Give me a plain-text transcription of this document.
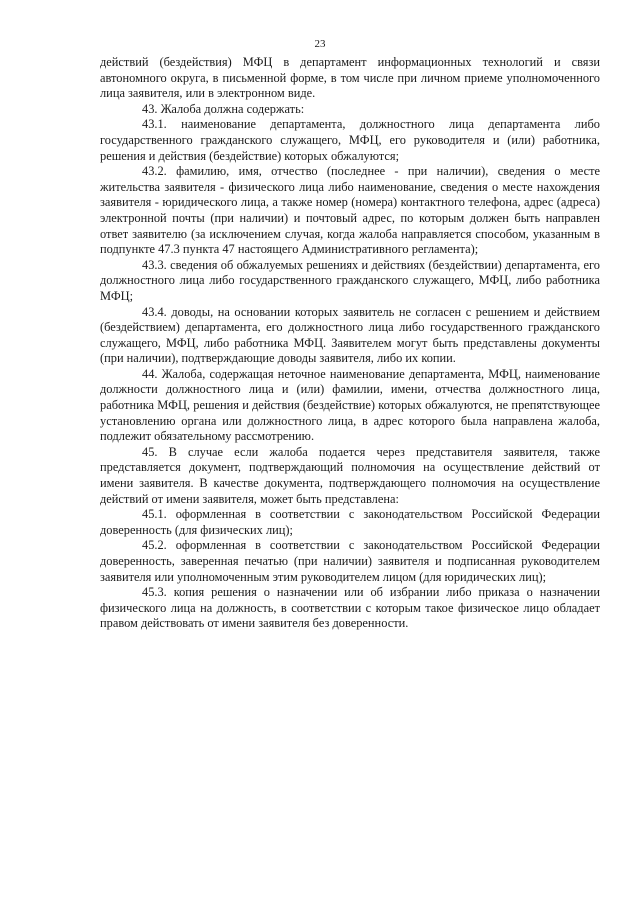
23

действий (бездействия) МФЦ в департамент информационных технологий и связи автономного округа, в письменной форме, в том числе при личном приеме уполномоченного лица заявителя, или в электронном виде.

43. Жалоба должна содержать:

43.1. наименование департамента, должностного лица департамента либо государственного гражданского служащего, МФЦ, его руководителя и (или) работника, решения и действия (бездействие) которых обжалуются;

43.2. фамилию, имя, отчество (последнее - при наличии), сведения о месте жительства заявителя - физического лица либо наименование, сведения о месте нахождения заявителя - юридического лица, а также номер (номера) контактного телефона, адрес (адреса) электронной почты (при наличии) и почтовый адрес, по которым должен быть направлен ответ заявителю (за исключением случая, когда жалоба направляется способом, указанным в подпункте 47.3 пункта 47 настоящего Административного регламента);

43.3. сведения об обжалуемых решениях и действиях (бездействии) департамента, его должностного лица либо государственного гражданского служащего, МФЦ, либо работника МФЦ;

43.4. доводы, на основании которых заявитель не согласен с решением и действием (бездействием) департамента, его должностного лица либо государственного гражданского служащего, МФЦ, либо работника МФЦ. Заявителем могут быть представлены документы (при наличии), подтверждающие доводы заявителя, либо их копии.

44. Жалоба, содержащая неточное наименование департамента, МФЦ, наименование должности должностного лица и (или) фамилии, имени, отчества должностного лица, работника МФЦ, решения и действия (бездействие) которых обжалуются, не препятствующее установлению органа или должностного лица, в адрес которого была направлена жалоба, подлежит обязательному рассмотрению.

45. В случае если жалоба подается через представителя заявителя, также представляется документ, подтверждающий полномочия на осуществление действий от имени заявителя. В качестве документа, подтверждающего полномочия на осуществление действий от имени заявителя, может быть представлена:

45.1. оформленная в соответствии с законодательством Российской Федерации доверенность (для физических лиц);

45.2. оформленная в соответствии с законодательством Российской Федерации доверенность, заверенная печатью (при наличии) заявителя и подписанная руководителем заявителя или уполномоченным этим руководителем лицом (для юридических лиц);

45.3. копия решения о назначении или об избрании либо приказа о назначении физического лица на должность, в соответствии с которым такое физическое лицо обладает правом действовать от имени заявителя без доверенности.
